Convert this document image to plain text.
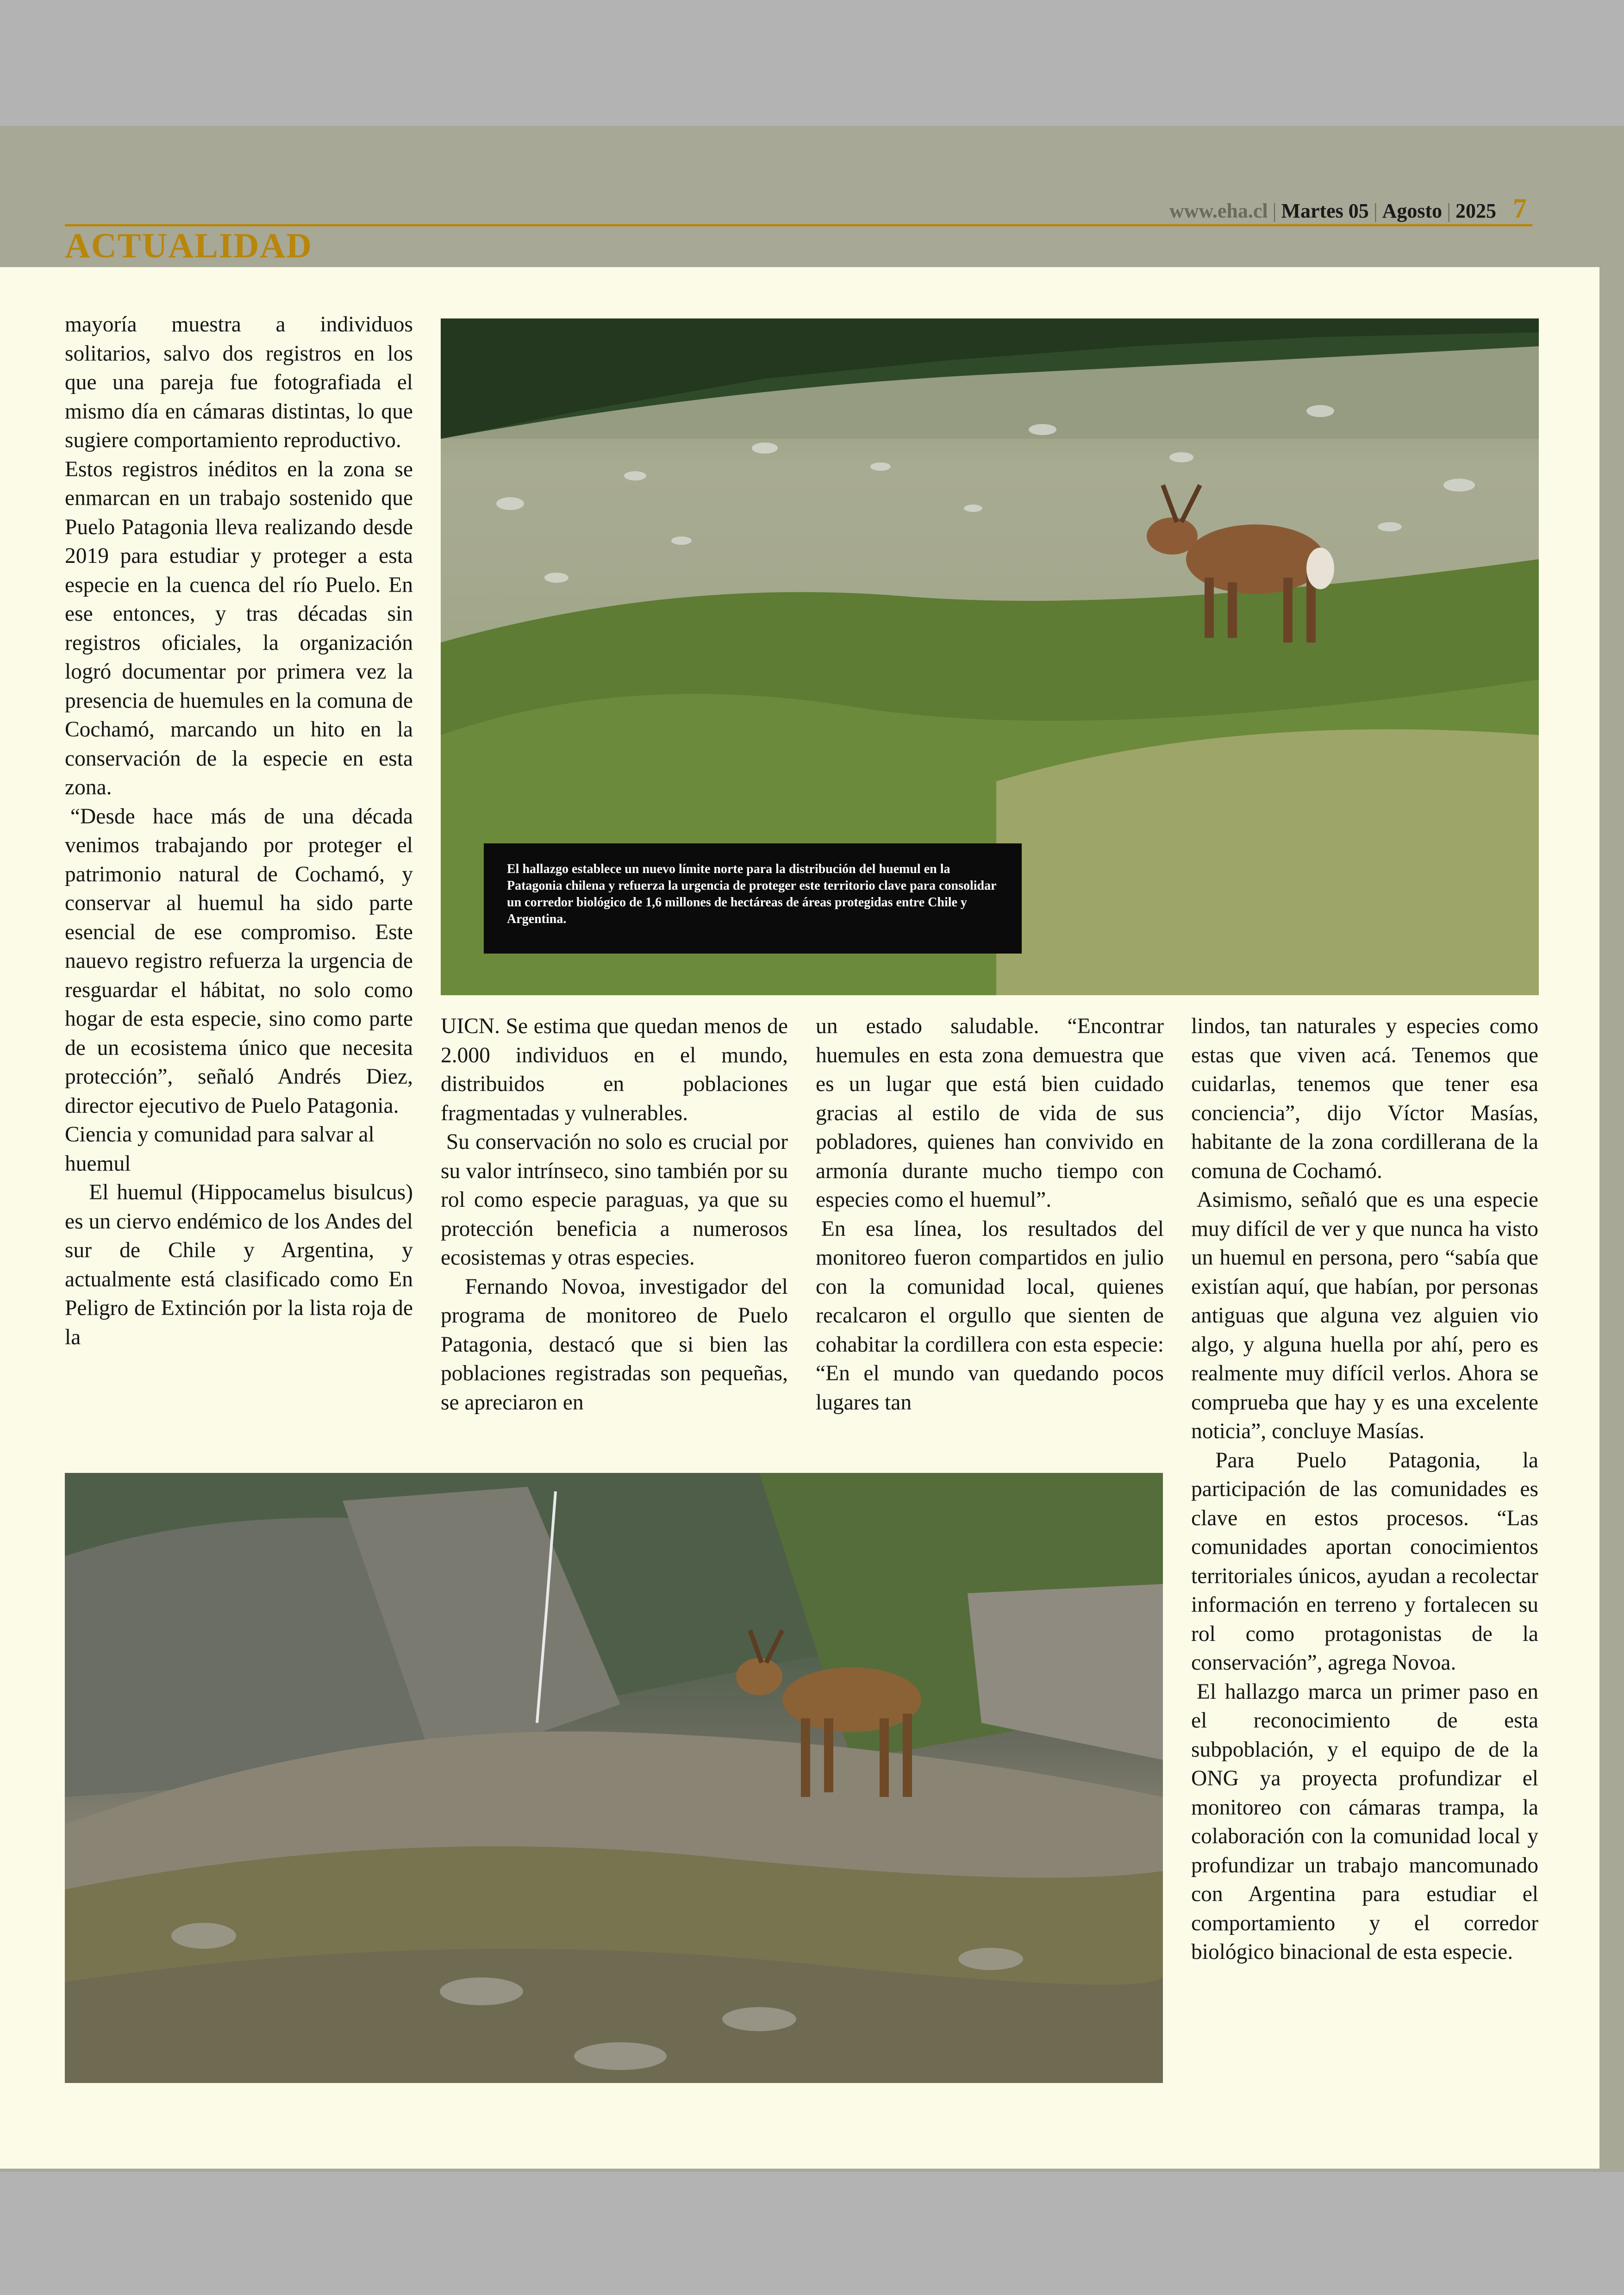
www.eha.cl | Martes 05 | Agosto | 2025 7
ACTUALIDAD
El hallazgo establece un nuevo límite norte para la distribución del huemul en la Patagonia chilena y refuerza la urgencia de proteger este territorio clave para consolidar un corredor biológico de 1,6 millones de hectáreas de áreas protegidas entre Chile y Argentina.

mayoría muestra a individuos solitarios, salvo dos registros en los que una pareja fue fotografiada el mismo día en cámaras distintas, lo que sugiere comportamiento reproductivo.

Estos registros inéditos en la zona se enmarcan en un trabajo sostenido que Puelo Patagonia lleva realizando desde 2019 para estudiar y proteger a esta especie en la cuenca del río Puelo. En ese entonces, y tras décadas sin registros oficiales, la organización logró documentar por primera vez la presencia de huemules en la comuna de Cochamó, marcando un hito en la conservación de la especie en esta zona.

“Desde hace más de una década venimos trabajando por proteger el patrimonio natural de Cochamó, y conservar al huemul ha sido parte esencial de ese compromiso. Este nauevo registro refuerza la urgencia de resguardar el hábitat, no solo como hogar de esta especie, sino como parte de un ecosistema único que necesita protección”, señaló Andrés Diez, director ejecutivo de Puelo Patagonia.

Ciencia y comunidad para salvar al huemul

El huemul (Hippocamelus bisulcus) es un ciervo endémico de los Andes del sur de Chile y Argentina, y actualmente está clasificado como En Peligro de Extinción por la lista roja de la

UICN. Se estima que quedan menos de 2.000 individuos en el mundo, distribuidos en poblaciones fragmentadas y vulnerables.

Su conservación no solo es crucial por su valor intrínseco, sino también por su rol como especie paraguas, ya que su protección beneficia a numerosos ecosistemas y otras especies.

Fernando Novoa, investigador del programa de monitoreo de Puelo Patagonia, destacó que si bien las poblaciones registradas son pequeñas, se apreciaron en

un estado saludable. “Encontrar huemules en esta zona demuestra que es un lugar que está bien cuidado gracias al estilo de vida de sus pobladores, quienes han convivido en armonía durante mucho tiempo con especies como el huemul”.

En esa línea, los resultados del monitoreo fueron compartidos en julio con la comunidad local, quienes recalcaron el orgullo que sienten de cohabitar la cordillera con esta especie: “En el mundo van quedando pocos lugares tan

lindos, tan naturales y especies como estas que viven acá. Tenemos que cuidarlas, tenemos que tener esa conciencia”, dijo Víctor Masías, habitante de la zona cordillerana de la comuna de Cochamó.

Asimismo, señaló que es una especie muy difícil de ver y que nunca ha visto un huemul en persona, pero “sabía que existían aquí, que habían, por personas antiguas que alguna vez alguien vio algo, y alguna huella por ahí, pero es realmente muy difícil verlos. Ahora se comprueba que hay y es una excelente noticia”, concluye Masías.

Para Puelo Patagonia, la participación de las comunidades es clave en estos procesos. “Las comunidades aportan conocimientos territoriales únicos, ayudan a recolectar información en terreno y fortalecen su rol como protagonistas de la conservación”, agrega Novoa.

El hallazgo marca un primer paso en el reconocimiento de esta subpoblación, y el equipo de de la ONG ya proyecta profundizar el monitoreo con cámaras trampa, la colaboración con la comunidad local y profundizar un trabajo mancomunado con Argentina para estudiar el comportamiento y el corredor biológico binacional de esta especie.
